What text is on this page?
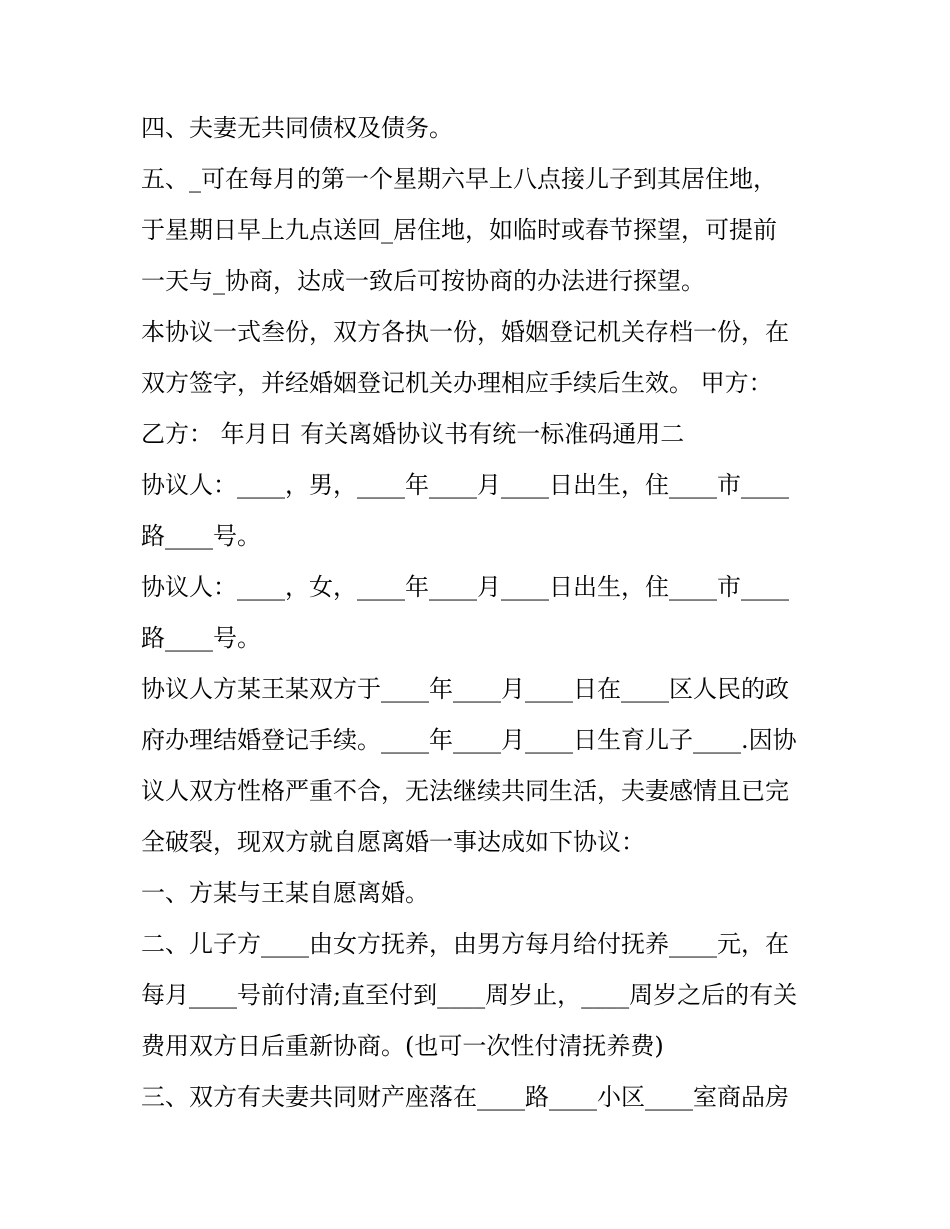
四、夫妻无共同债权及债务。
五、_可在每月的第一个星期六早上八点接儿子到其居住地，
于星期日早上九点送回_居住地，如临时或春节探望，可提前
一天与_协商，达成一致后可按协商的办法进行探望。
本协议一式叁份，双方各执一份，婚姻登记机关存档一份，在
双方签字，并经婚姻登记机关办理相应手续后生效。 甲方：
乙方： 年月日 有关离婚协议书有统一标准码通用二
协议人：____，男，____年____月____日出生，住____市____
路____号。
协议人：____，女，____年____月____日出生，住____市____
路____号。
协议人方某王某双方于____年____月____日在____区人民的政
府办理结婚登记手续。____年____月____日生育儿子____.因协
议人双方性格严重不合，无法继续共同生活，夫妻感情且已完
全破裂，现双方就自愿离婚一事达成如下协议：
一、方某与王某自愿离婚。
二、儿子方____由女方抚养，由男方每月给付抚养____元，在
每月____号前付清;直至付到____周岁止，____周岁之后的有关
费用双方日后重新协商。(也可一次性付清抚养费)
三、双方有夫妻共同财产座落在____路____小区____室商品房
